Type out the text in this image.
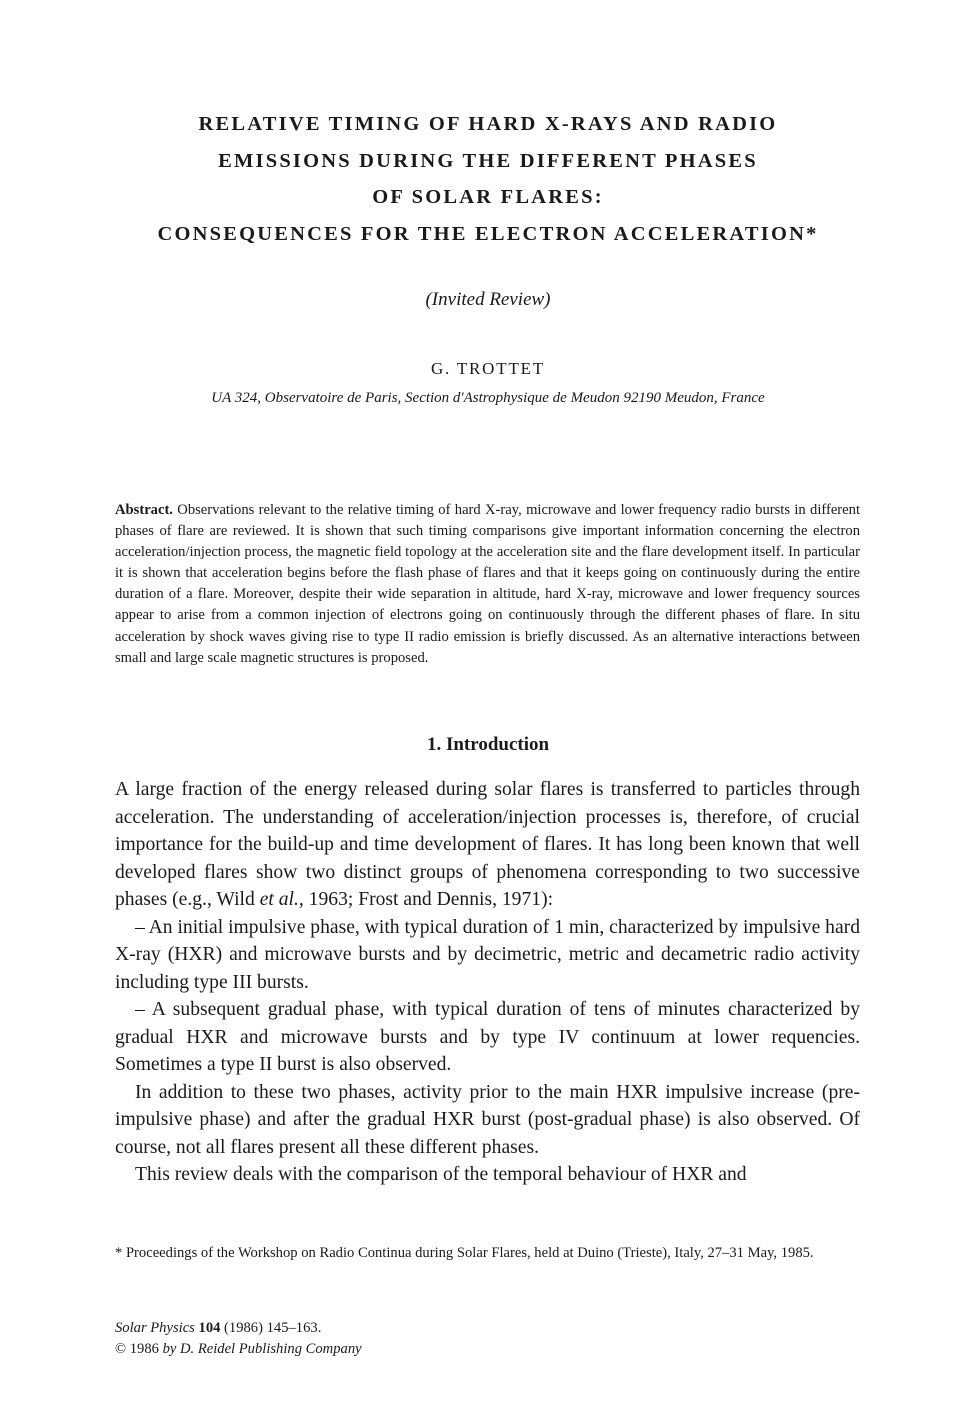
RELATIVE TIMING OF HARD X-RAYS AND RADIO
EMISSIONS DURING THE DIFFERENT PHASES
OF SOLAR FLARES:
CONSEQUENCES FOR THE ELECTRON ACCELERATION*
(Invited Review)
G. TROTTET
UA 324, Observatoire de Paris, Section d'Astrophysique de Meudon 92190 Meudon, France
Abstract. Observations relevant to the relative timing of hard X-ray, microwave and lower frequency radio bursts in different phases of flare are reviewed. It is shown that such timing comparisons give important information concerning the electron acceleration/injection process, the magnetic field topology at the acceleration site and the flare development itself. In particular it is shown that acceleration begins before the flash phase of flares and that it keeps going on continuously during the entire duration of a flare. Moreover, despite their wide separation in altitude, hard X-ray, microwave and lower frequency sources appear to arise from a common injection of electrons going on continuously through the different phases of flare. In situ acceleration by shock waves giving rise to type II radio emission is briefly discussed. As an alternative interactions between small and large scale magnetic structures is proposed.
1. Introduction

A large fraction of the energy released during solar flares is transferred to particles through acceleration. The understanding of acceleration/injection processes is, therefore, of crucial importance for the build-up and time development of flares. It has long been known that well developed flares show two distinct groups of phenomena corresponding to two successive phases (e.g., Wild et al., 1963; Frost and Dennis, 1971):

– An initial impulsive phase, with typical duration of 1 min, characterized by impulsive hard X-ray (HXR) and microwave bursts and by decimetric, metric and decametric radio activity including type III bursts.

– A subsequent gradual phase, with typical duration of tens of minutes characterized by gradual HXR and microwave bursts and by type IV continuum at lower requencies. Sometimes a type II burst is also observed.

In addition to these two phases, activity prior to the main HXR impulsive increase (pre-impulsive phase) and after the gradual HXR burst (post-gradual phase) is also observed. Of course, not all flares present all these different phases.

This review deals with the comparison of the temporal behaviour of HXR and

* Proceedings of the Workshop on Radio Continua during Solar Flares, held at Duino (Trieste), Italy, 27–31 May, 1985.
Solar Physics 104 (1986) 145–163.
© 1986 by D. Reidel Publishing Company
